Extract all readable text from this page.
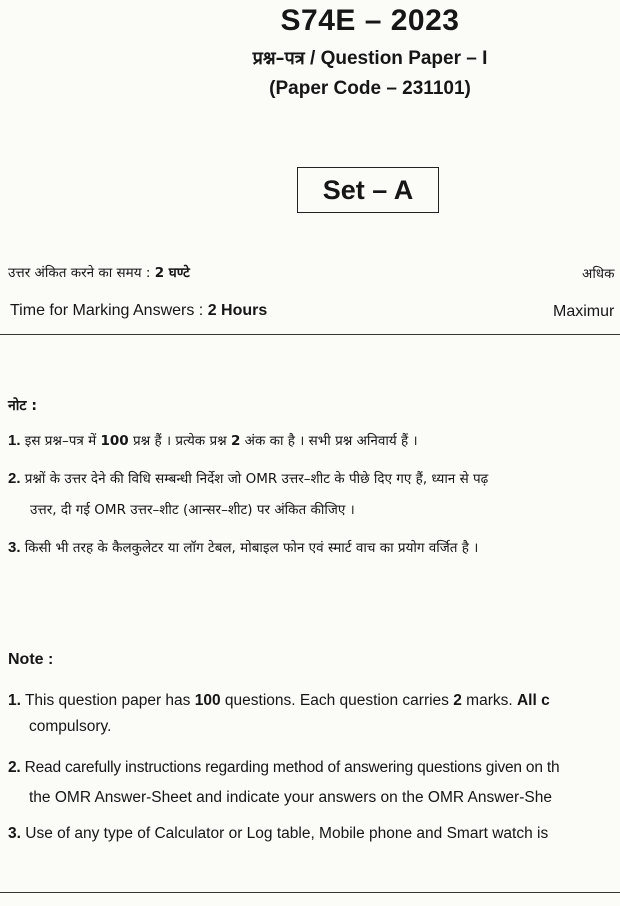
S74E – 2023
प्रश्न–पत्र / Question Paper – I
(Paper Code – 231101)
Set – A
उत्तर अंकित करने का समय : 2 घण्टे	अधिक
Time for Marking Answers : 2 Hours	Maximur
नोट :
1. इस प्रश्न–पत्र में 100 प्रश्न हैं । प्रत्येक प्रश्न 2 अंक का है । सभी प्रश्न अनिवार्य हैं ।
2. प्रश्नों के उत्तर देने की विधि सम्बन्धी निर्देश जो OMR उत्तर–शीट के पीछे दिए गए हैं, ध्यान से पढ़
उत्तर, दी गई OMR उत्तर–शीट (आन्सर–शीट) पर अंकित कीजिए ।
3. किसी भी तरह के कैलकुलेटर या लॉग टेबल, मोबाइल फोन एवं स्मार्ट वाच का प्रयोग वर्जित है ।
Note :
1. This question paper has 100 questions. Each question carries 2 marks. All c
compulsory.
2. Read carefully instructions regarding method of answering questions given on th
the OMR Answer-Sheet and indicate your answers on the OMR Answer-She
3. Use of any type of Calculator or Log table, Mobile phone and Smart watch is
